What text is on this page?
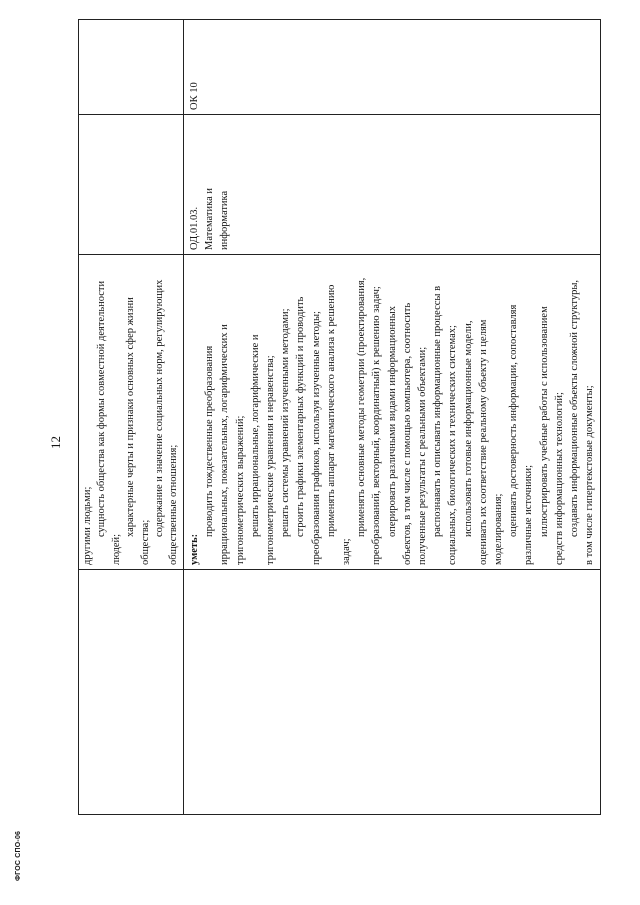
ФГОС СПО-06
12
другими людьми; сущность общества как формы совместной деятельности
людей;
характерные черты и признаки основных сфер жизни
общества;
содержание и значение социальных норм, регулирующих общественные отношения; уметь:
проводить тождественные преобразования иррациональных, показательных, логарифмических и тригонометрических выражений; решать иррациональные, логарифмические и тригонометрические уравнения и неравенства; решать системы уравнений изученными методами; строить графики элементарных функций и проводить преобразования графиков, используя изученные методы; применять аппарат математического анализа к решению
задач;
применять основные методы геометрии (проектирования, преобразований, векторный, координатный) к решению задач; оперировать различными видами информационных объектов, в том числе с помощью компьютера, соотносить полученные результаты с реальными объектами; распознавать и описывать информационные процессы в социальных, биологических и технических системах; использовать готовые информационные модели, оценивать их соответствие реальному объекту и целям моделирования; оценивать достоверность информации, сопоставляя различные источники; иллюстрировать учебные работы с использованием средств информационных технологий; создавать информационные объекты сложной структуры, в том числе гипертекстовые документы;
ОД.01.03. Математика и информатика
ОК 10
